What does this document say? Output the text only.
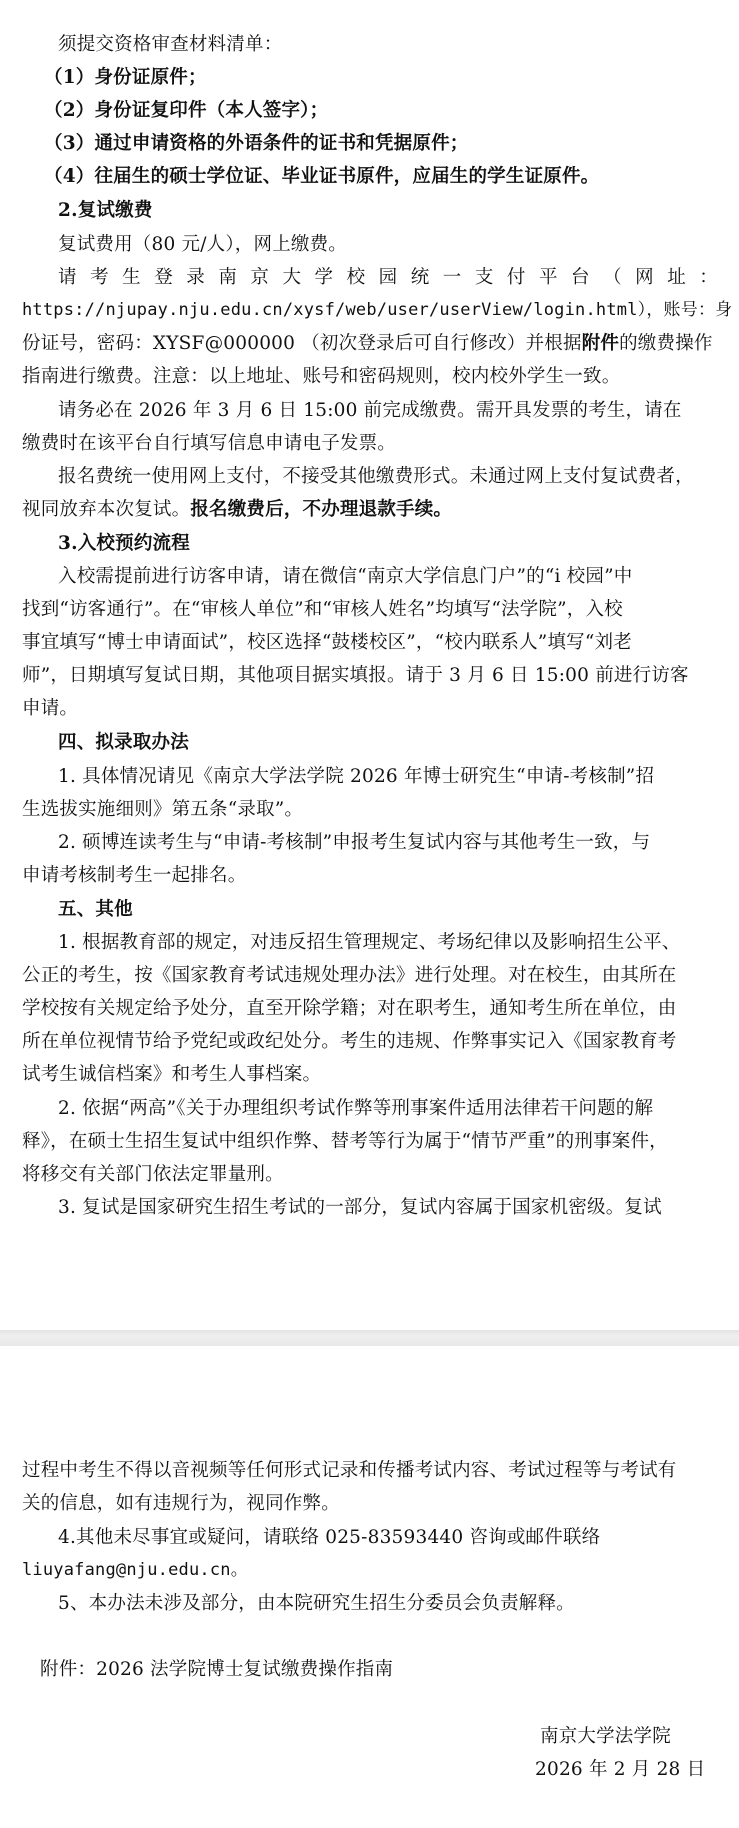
须提交资格审查材料清单：
（1）身份证原件；
（2）身份证复印件（本人签字）；
（3）通过申请资格的外语条件的证书和凭据原件；
（4）往届生的硕士学位证、毕业证书原件，应届生的学生证原件。
2.复试缴费
复试费用（80 元/人），网上缴费。
请考生登录南京大学校园统一支付平台（网址：
https://njupay.nju.edu.cn/xysf/web/user/userView/login.html），账号：身
份证号，密码：XYSF@000000 （初次登录后可自行修改）并根据附件的缴费操作
指南进行缴费。注意：以上地址、账号和密码规则，校内校外学生一致。
请务必在 2026 年 3 月 6 日 15:00 前完成缴费。需开具发票的考生，请在
缴费时在该平台自行填写信息申请电子发票。
报名费统一使用网上支付，不接受其他缴费形式。未通过网上支付复试费者，
视同放弃本次复试。报名缴费后，不办理退款手续。
3.入校预约流程
入校需提前进行访客申请，请在微信“南京大学信息门户”的“i 校园”中
找到“访客通行”。在“审核人单位”和“审核人姓名”均填写“法学院”，入校
事宜填写“博士申请面试”，校区选择“鼓楼校区”，“校内联系人”填写“刘老
师”，日期填写复试日期，其他项目据实填报。请于 3 月 6 日 15:00 前进行访客
申请。
四、拟录取办法
1. 具体情况请见《南京大学法学院 2026 年博士研究生“申请-考核制”招
生选拔实施细则》第五条“录取”。
2. 硕博连读考生与“申请-考核制”申报考生复试内容与其他考生一致，与
申请考核制考生一起排名。
五、其他
1. 根据教育部的规定，对违反招生管理规定、考场纪律以及影响招生公平、
公正的考生，按《国家教育考试违规处理办法》进行处理。对在校生，由其所在
学校按有关规定给予处分，直至开除学籍；对在职考生，通知考生所在单位，由
所在单位视情节给予党纪或政纪处分。考生的违规、作弊事实记入《国家教育考
试考生诚信档案》和考生人事档案。
2. 依据“两高”《关于办理组织考试作弊等刑事案件适用法律若干问题的解
释》，在硕士生招生复试中组织作弊、替考等行为属于“情节严重”的刑事案件，
将移交有关部门依法定罪量刑。
3. 复试是国家研究生招生考试的一部分，复试内容属于国家机密级。复试
过程中考生不得以音视频等任何形式记录和传播考试内容、考试过程等与考试有
关的信息，如有违规行为，视同作弊。
4.其他未尽事宜或疑问，请联络 025-83593440 咨询或邮件联络
liuyafang@nju.edu.cn。
5、本办法未涉及部分，由本院研究生招生分委员会负责解释。
附件：2026 法学院博士复试缴费操作指南
南京大学法学院
2026 年 2 月 28 日
